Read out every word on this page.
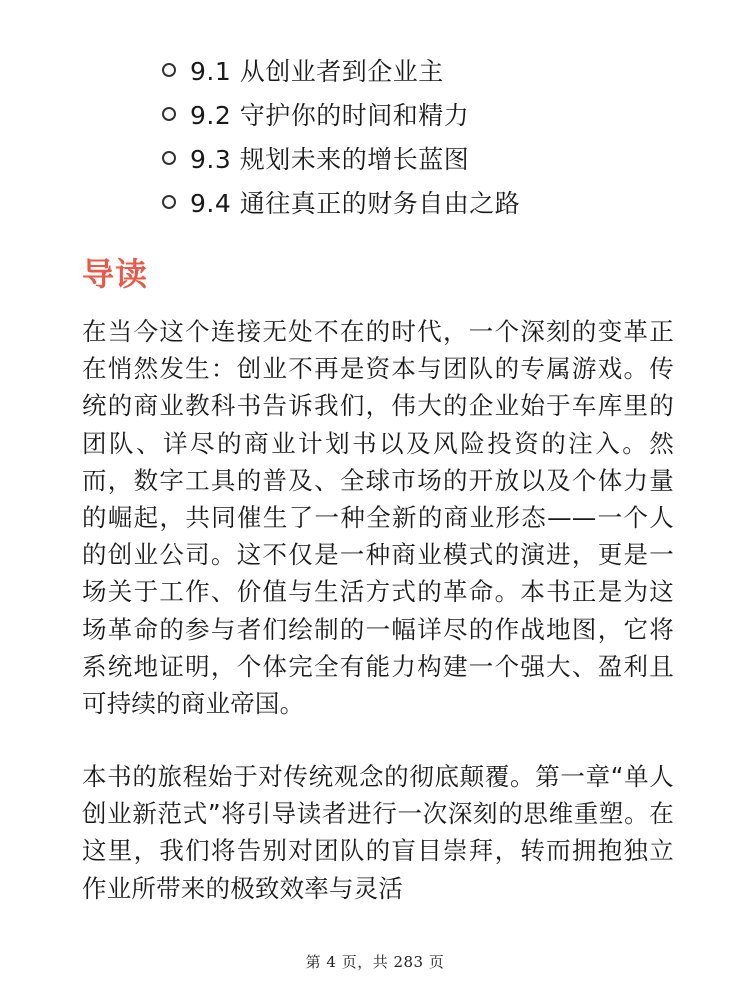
9.1 从创业者到企业主
9.2 守护你的时间和精力
9.3 规划未来的增长蓝图
9.4 通往真正的财务自由之路
导读

在当今这个连接无处不在的时代，一个深刻的变革正在悄然发生：创业不再是资本与团队的专属游戏。传统的商业教科书告诉我们，伟大的企业始于车库里的团队、详尽的商业计划书以及风险投资的注入。然而，数字工具的普及、全球市场的开放以及个体力量的崛起，共同催生了一种全新的商业形态——一个人的创业公司。这不仅是一种商业模式的演进，更是一场关于工作、价值与生活方式的革命。本书正是为这场革命的参与者们绘制的一幅详尽的作战地图，它将系统地证明，个体完全有能力构建一个强大、盈利且可持续的商业帝国。

本书的旅程始于对传统观念的彻底颠覆。第一章“单人创业新范式”将引导读者进行一次深刻的思维重塑。在这里，我们将告别对团队的盲目崇拜，转而拥抱独立作业所带来的极致效率与灵活

第 4 页，共 283 页
